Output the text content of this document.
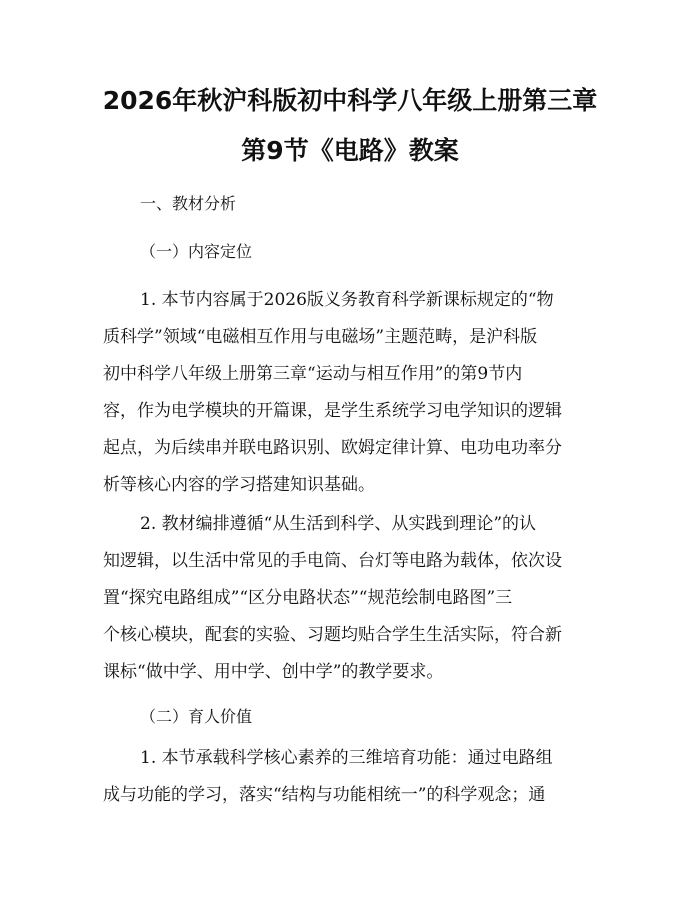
2026年秋沪科版初中科学八年级上册第三章
第9节《电路》教案
一、教材分析
（一）内容定位
1. 本节内容属于2026版义务教育科学新课标规定的“物
质科学”领域“电磁相互作用与电磁场”主题范畴，是沪科版
初中科学八年级上册第三章“运动与相互作用”的第9节内
容，作为电学模块的开篇课，是学生系统学习电学知识的逻辑
起点，为后续串并联电路识别、欧姆定律计算、电功电功率分
析等核心内容的学习搭建知识基础。
2. 教材编排遵循“从生活到科学、从实践到理论”的认
知逻辑，以生活中常见的手电筒、台灯等电路为载体，依次设
置“探究电路组成”“区分电路状态”“规范绘制电路图”三
个核心模块，配套的实验、习题均贴合学生生活实际，符合新
课标“做中学、用中学、创中学”的教学要求。
（二）育人价值
1. 本节承载科学核心素养的三维培育功能：通过电路组
成与功能的学习，落实“结构与功能相统一”的科学观念；通
